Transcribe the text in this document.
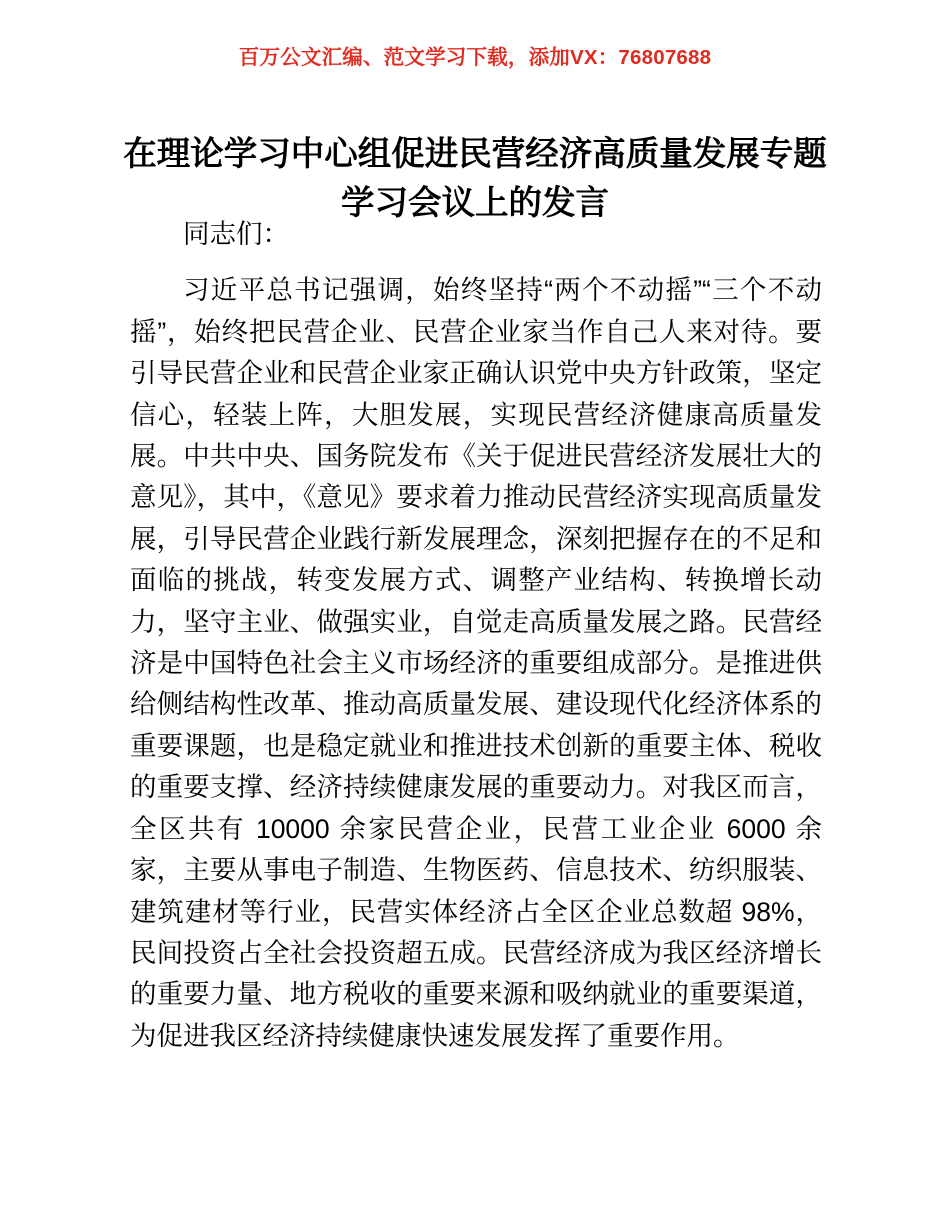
百万公文汇编、范文学习下载，添加VX：76807688
在理论学习中心组促进民营经济高质量发展专题学习会议上的发言

同志们：

习近平总书记强调，始终坚持“两个不动摇”“三个不动摇”，始终把民营企业、民营企业家当作自己人来对待。要引导民营企业和民营企业家正确认识党中央方针政策，坚定信心，轻装上阵，大胆发展，实现民营经济健康高质量发展。中共中央、国务院发布《关于促进民营经济发展壮大的意见》，其中，《意见》要求着力推动民营经济实现高质量发展，引导民营企业践行新发展理念，深刻把握存在的不足和面临的挑战，转变发展方式、调整产业结构、转换增长动力，坚守主业、做强实业，自觉走高质量发展之路。民营经济是中国特色社会主义市场经济的重要组成部分。是推进供给侧结构性改革、推动高质量发展、建设现代化经济体系的重要课题，也是稳定就业和推进技术创新的重要主体、税收的重要支撑、经济持续健康发展的重要动力。对我区而言，全区共有 10000 余家民营企业，民营工业企业 6000 余家，主要从事电子制造、生物医药、信息技术、纺织服装、建筑建材等行业，民营实体经济占全区企业总数超 98%，民间投资占全社会投资超五成。民营经济成为我区经济增长的重要力量、地方税收的重要来源和吸纳就业的重要渠道，为促进我区经济持续健康快速发展发挥了重要作用。
